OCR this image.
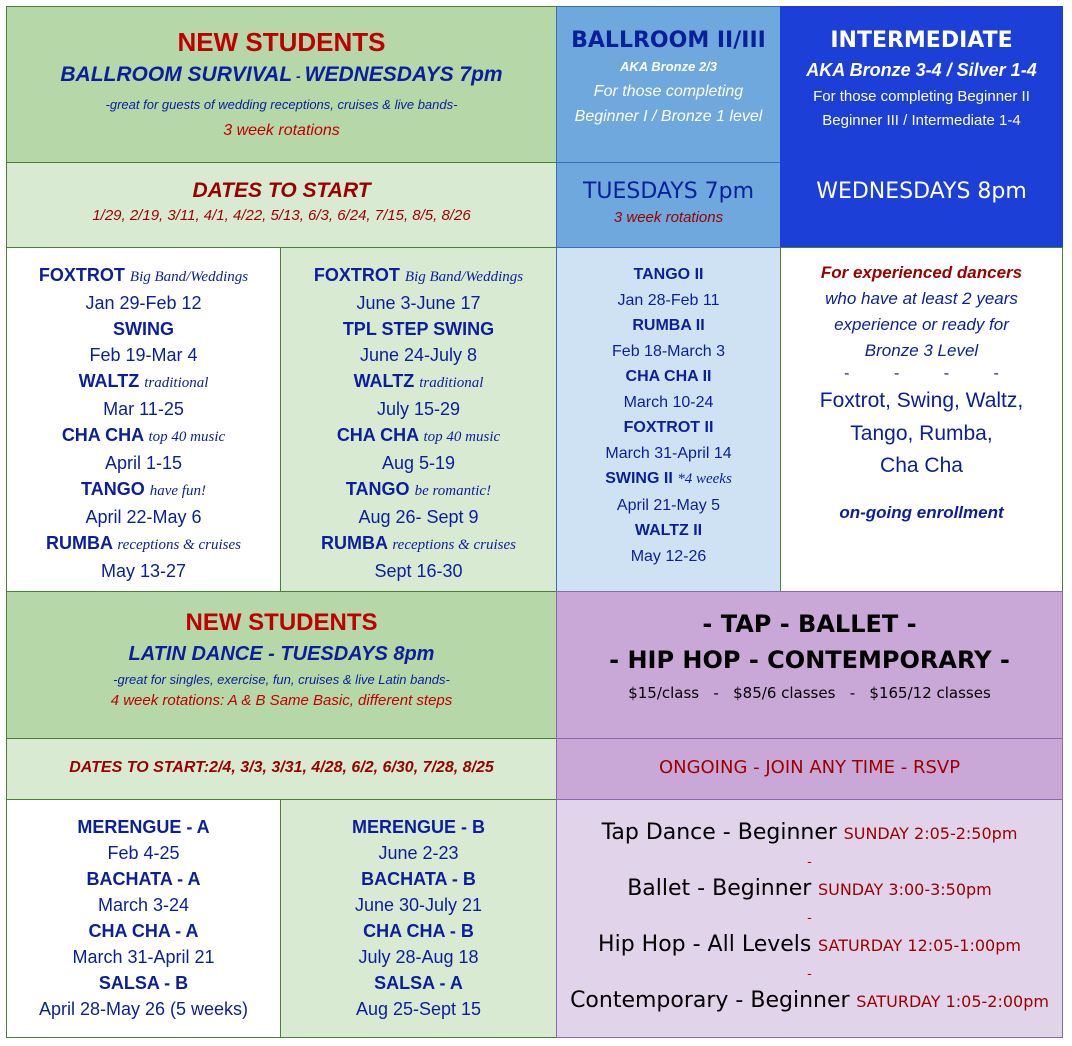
NEW STUDENTS
BALLROOM SURVIVAL - WEDNESDAYS 7pm
-great for guests of wedding receptions, cruises & live bands-
3 week rotations
BALLROOM II/III
AKA Bronze 2/3
For those completing
Beginner I / Bronze 1 level
INTERMEDIATE
AKA Bronze 3-4 / Silver 1-4
For those completing Beginner II
Beginner III / Intermediate 1-4
DATES TO START
1/29, 2/19, 3/11, 4/1, 4/22, 5/13, 6/3, 6/24, 7/15, 8/5, 8/26
TUESDAYS 7pm
3 week rotations
WEDNESDAYS 8pm
FOXTROT Big Band/Weddings
Jan 29-Feb 12
SWING
Feb 19-Mar 4
WALTZ traditional
Mar 11-25
CHA CHA top 40 music
April 1-15
TANGO have fun!
April 22-May 6
RUMBA receptions & cruises
May 13-27
FOXTROT Big Band/Weddings
June 3-June 17
TPL STEP SWING
June 24-July 8
WALTZ traditional
July 15-29
CHA CHA top 40 music
Aug 5-19
TANGO be romantic!
Aug 26- Sept 9
RUMBA receptions & cruises
Sept 16-30
TANGO II
Jan 28-Feb 11
RUMBA II
Feb 18-March 3
CHA CHA II
March 10-24
FOXTROT II
March 31-April 14
SWING II *4 weeks
April 21-May 5
WALTZ II
May 12-26
For experienced dancers
who have at least 2 years
experience or ready for
Bronze 3 Level
-          -          -          -
Foxtrot, Swing, Waltz,
Tango, Rumba,
Cha Cha
on-going enrollment
NEW STUDENTS
LATIN DANCE - TUESDAYS 8pm
-great for singles, exercise, fun, cruises & live Latin bands-
4 week rotations: A & B Same Basic, different steps
- TAP - BALLET -
- HIP HOP - CONTEMPORARY -
$15/class   -   $85/6 classes   -   $165/12 classes
DATES TO START:2/4, 3/3, 3/31, 4/28, 6/2, 6/30, 7/28, 8/25	ONGOING - JOIN ANY TIME - RSVP
MERENGUE - A
Feb 4-25
BACHATA - A
March 3-24
CHA CHA - A
March 31-April 21
SALSA - B
April 28-May 26 (5 weeks)
MERENGUE - B
June 2-23
BACHATA - B
June 30-July 21
CHA CHA - B
July 28-Aug 18
SALSA - A
Aug 25-Sept 15
Tap Dance - Beginner SUNDAY 2:05-2:50pm
-
Ballet - Beginner SUNDAY 3:00-3:50pm
-
Hip Hop - All Levels SATURDAY 12:05-1:00pm
-
Contemporary - Beginner SATURDAY 1:05-2:00pm
